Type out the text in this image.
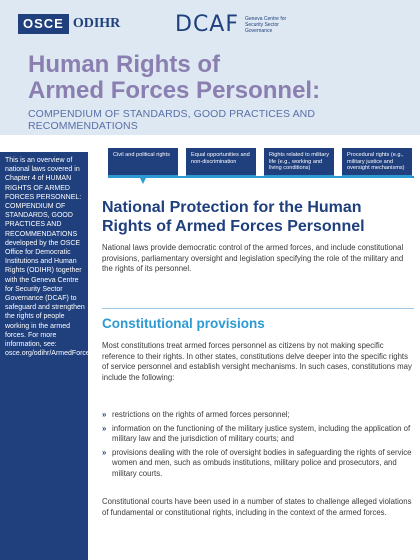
OSCE ODIHR DCAF Geneva Centre for Security Sector Governance
Human Rights of
Armed Forces Personnel:
COMPENDIUM OF STANDARDS, GOOD PRACTICES AND RECOMMENDATIONS
This is an overview of national laws covered in Chapter 4 of HUMAN RIGHTS OF ARMED FORCES PERSONNEL: COMPENDIUM OF STANDARDS, GOOD PRACTICES AND RECOMMENDATIONS developed by the OSCE Office for Democratic Institutions and Human Rights (ODIHR) together with the Geneva Centre for Security Sector Governance (DCAF) to safeguard and strengthen the rights of people working in the armed forces. For more information, see: osce.org/odihr/ArmedForcesRights
Civil and political rights	Equal opportunities and non-discrimination
Rights related to military life (e.g., working and living conditions)
Procedural rights (e.g., military justice and oversight mechanisms)
National Protection for the Human Rights of Armed Forces Personnel

National laws provide democratic control of the armed forces, and include constitutional provisions, parliamentary oversight and legislation specifying the role of the military and the rights of its personnel.

Constitutional provisions

Most constitutions treat armed forces personnel as citizens by not making specific reference to their rights. In other states, constitutions delve deeper into the specific rights of service personnel and establish versight mechanisms. In such cases, constitutions may include the following:

» restrictions on the rights of armed forces personnel;
» information on the functioning of the military justice system, including the application of military law and the jurisdiction of military courts; and
» provisions dealing with the role of oversight bodies in safeguarding the rights of service women and men, such as ombuds institutions, military police and prosecutors, and military courts.

Constitutional courts have been used in a number of states to challenge alleged violations of fundamental or constitutional rights, including in the context of the armed forces.
